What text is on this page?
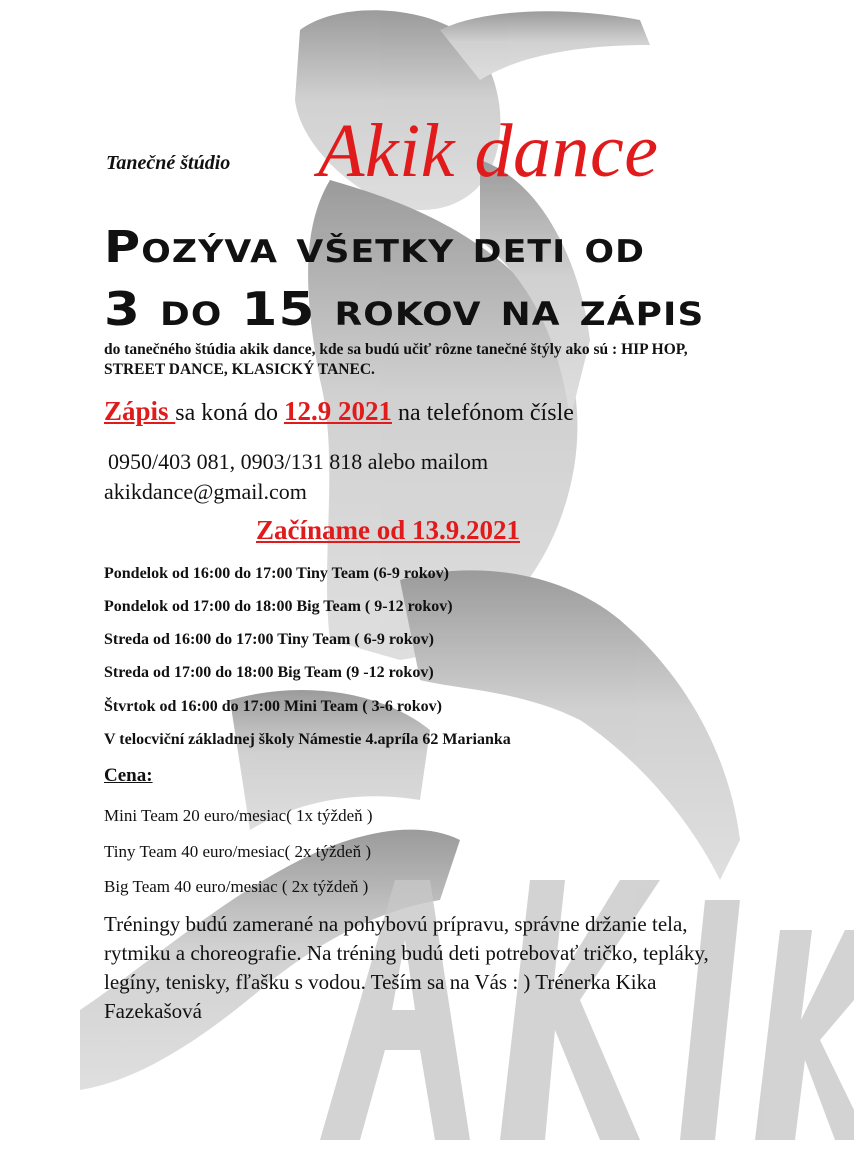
Tanečné štúdio Akik dance
Pozýva všetky deti od
3 do 15 rokov na zápis
do tanečného štúdia akik dance, kde sa budú učiť rôzne tanečné štýly ako sú : HIP HOP, STREET DANCE, KLASICKÝ TANEC.
Zápis sa koná do 12.9 2021 na telefónom čísle
0950/403 081, 0903/131 818 alebo mailom
akikdance@gmail.com
Začíname od 13.9.2021
Pondelok od 16:00 do 17:00 Tiny Team (6-9 rokov)
Pondelok od 17:00 do 18:00 Big Team ( 9-12 rokov)
Streda od 16:00 do 17:00 Tiny Team ( 6-9 rokov)
Streda od 17:00 do 18:00 Big Team (9 -12 rokov)
Štvrtok od 16:00 do 17:00 Mini Team ( 3-6 rokov)
V telocviční základnej školy Námestie 4.apríla 62 Marianka
Cena:
Mini Team 20 euro/mesiac( 1x týždeň )
Tiny Team 40 euro/mesiac( 2x týždeň )
Big Team 40 euro/mesiac ( 2x týždeň )
Tréningy budú zamerané na pohybovú prípravu, správne držanie tela, rytmiku a choreografie. Na tréning budú deti potrebovať tričko, tepláky, legíny, tenisky, fľašku s vodou. Teším sa na Vás : ) Trénerka Kika Fazekašová
